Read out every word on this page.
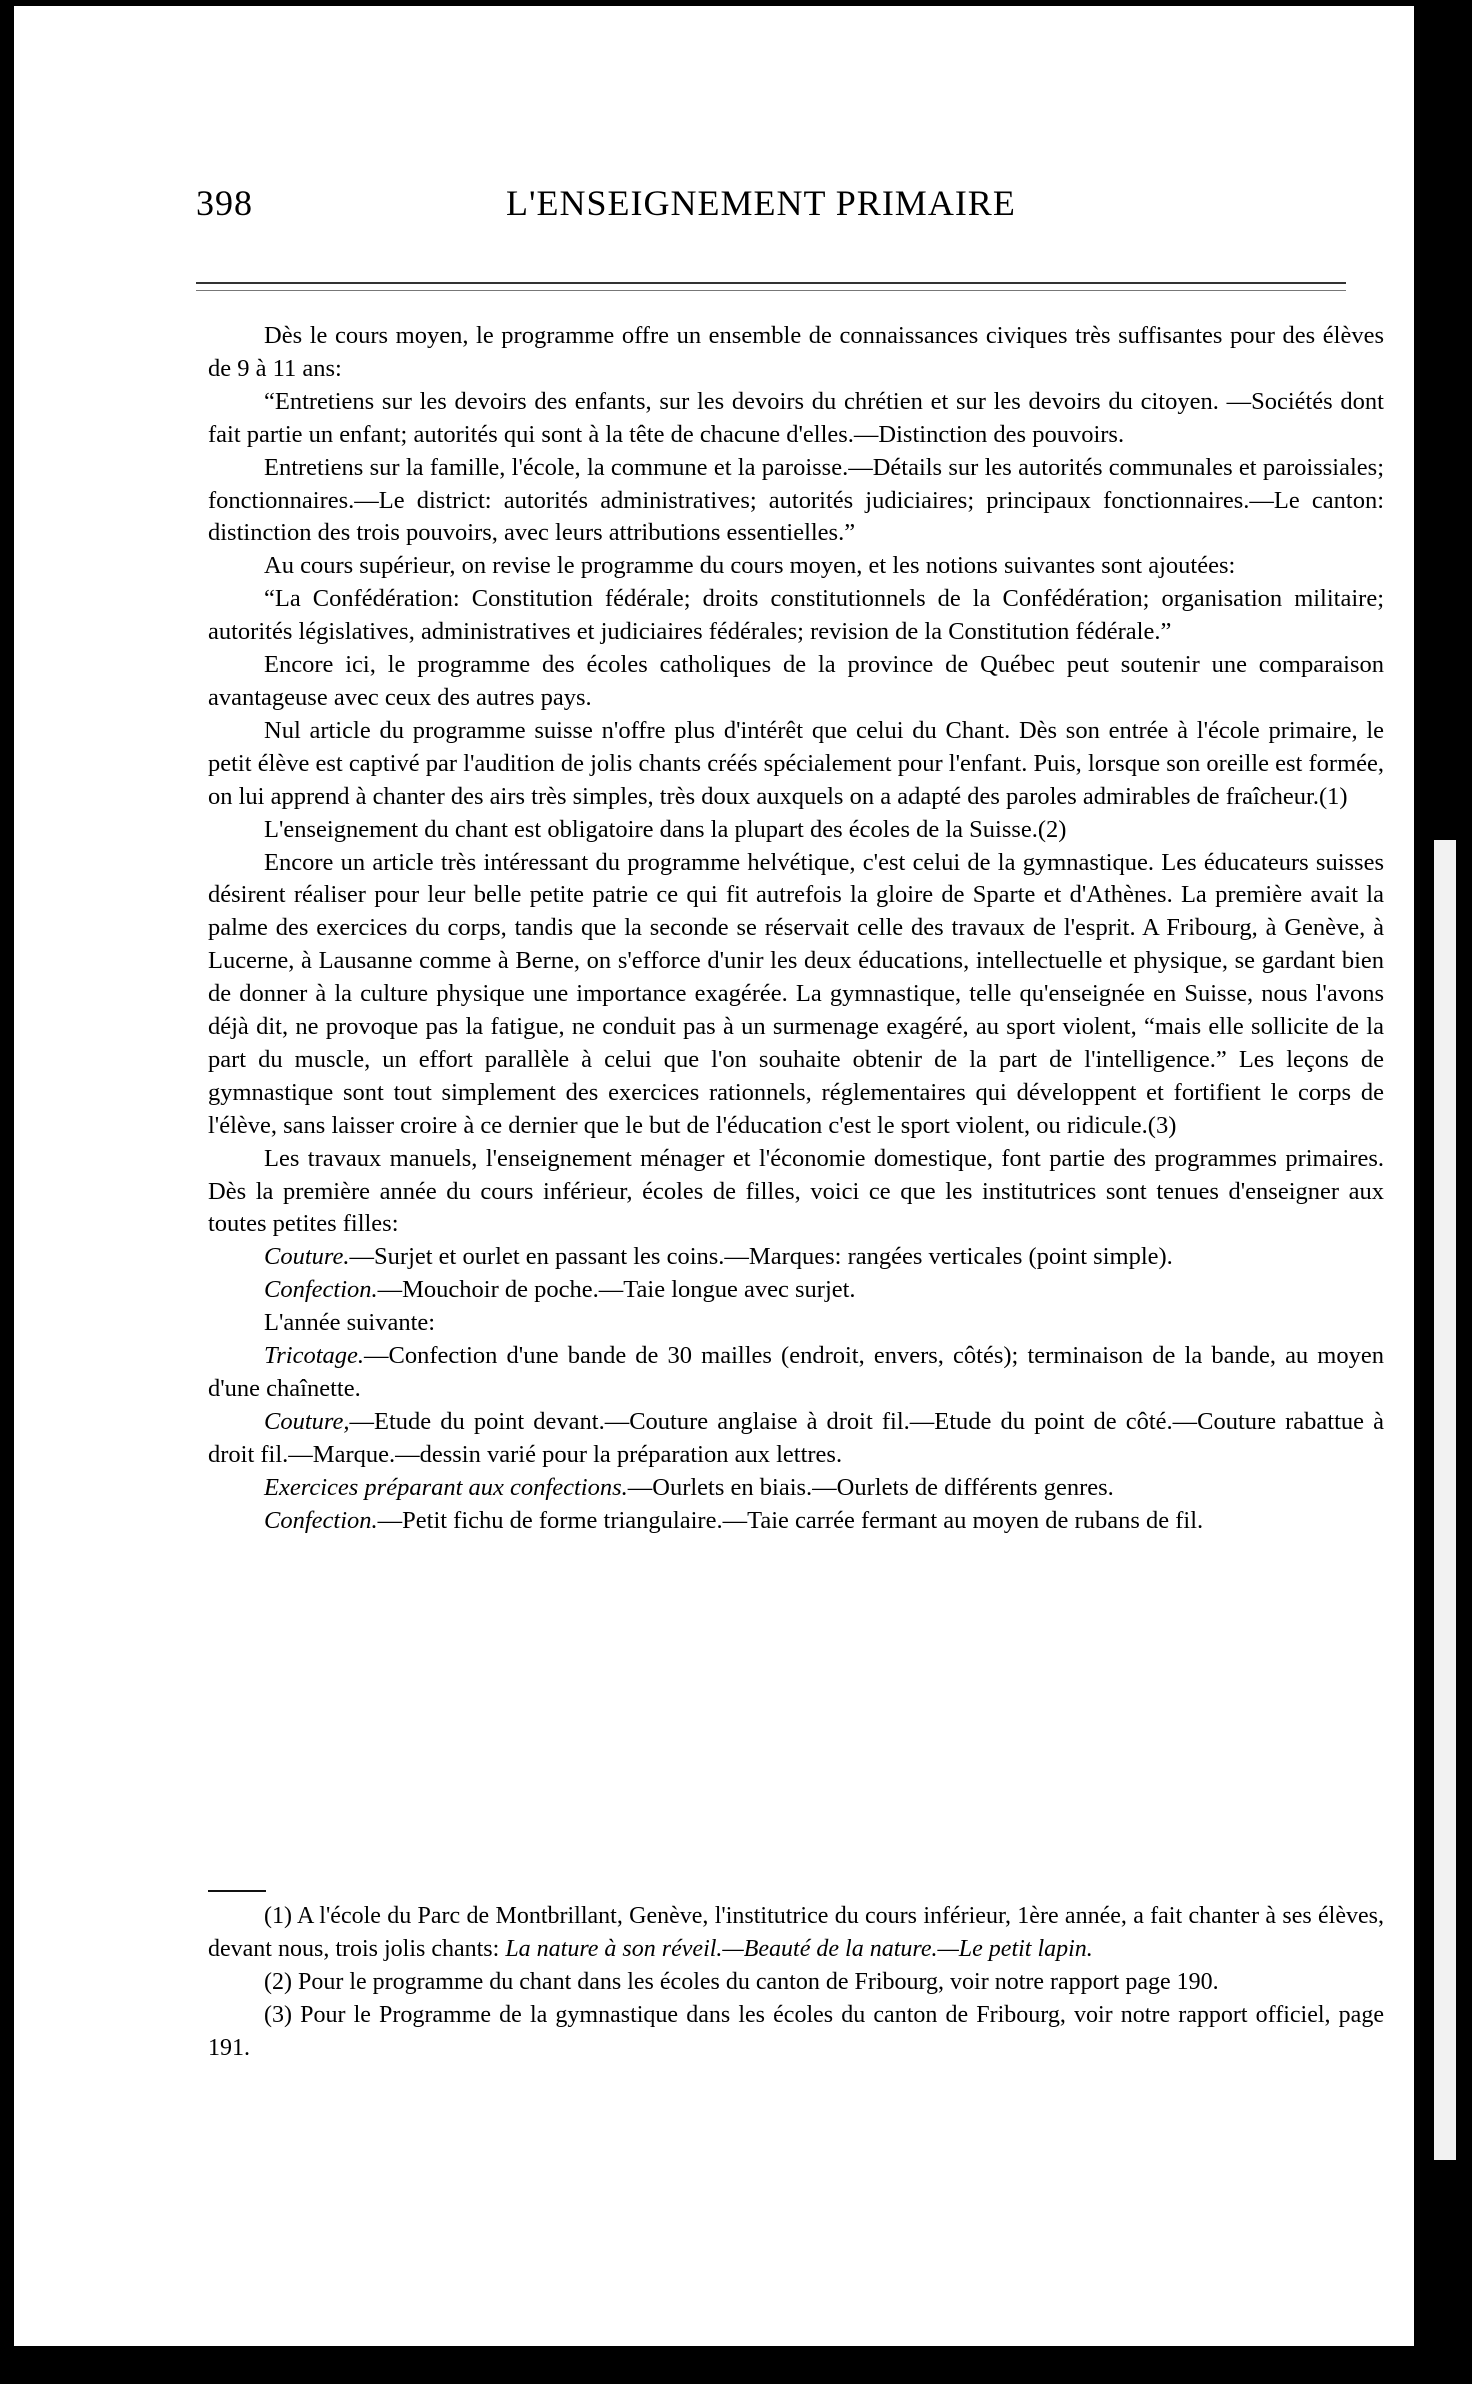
398	L'ENSEIGNEMENT PRIMAIRE

Dès le cours moyen, le programme offre un ensemble de connaissances civiques très suffisantes pour des élèves de 9 à 11 ans:

“Entretiens sur les devoirs des enfants, sur les devoirs du chrétien et sur les devoirs du citoyen. —Sociétés dont fait partie un enfant; autorités qui sont à la tête de chacune d'elles.—Distinction des pouvoirs.

Entretiens sur la famille, l'école, la commune et la paroisse.—Détails sur les autorités communales et paroissiales; fonctionnaires.—Le district: autorités administratives; autorités judiciaires; principaux fonctionnaires.—Le canton: distinction des trois pouvoirs, avec leurs attributions essentielles.”

Au cours supérieur, on revise le programme du cours moyen, et les notions suivantes sont ajoutées:

“La Confédération: Constitution fédérale; droits constitutionnels de la Confédération; organisation militaire; autorités législatives, administratives et judiciaires fédérales; revision de la Constitution fédérale.”

Encore ici, le programme des écoles catholiques de la province de Québec peut soutenir une comparaison avantageuse avec ceux des autres pays.

Nul article du programme suisse n'offre plus d'intérêt que celui du Chant. Dès son entrée à l'école primaire, le petit élève est captivé par l'audition de jolis chants créés spécialement pour l'enfant. Puis, lorsque son oreille est formée, on lui apprend à chanter des airs très simples, très doux auxquels on a adapté des paroles admirables de fraîcheur.(1)

L'enseignement du chant est obligatoire dans la plupart des écoles de la Suisse.(2)

Encore un article très intéressant du programme helvétique, c'est celui de la gymnastique. Les éducateurs suisses désirent réaliser pour leur belle petite patrie ce qui fit autrefois la gloire de Sparte et d'Athènes. La première avait la palme des exercices du corps, tandis que la seconde se réservait celle des travaux de l'esprit. A Fribourg, à Genève, à Lucerne, à Lausanne comme à Berne, on s'efforce d'unir les deux éducations, intellectuelle et physique, se gardant bien de donner à la culture physique une importance exagérée. La gymnastique, telle qu'enseignée en Suisse, nous l'avons déjà dit, ne provoque pas la fatigue, ne conduit pas à un surmenage exagéré, au sport violent, “mais elle sollicite de la part du muscle, un effort parallèle à celui que l'on souhaite obtenir de la part de l'intelligence.” Les leçons de gymnastique sont tout simplement des exercices rationnels, réglementaires qui développent et fortifient le corps de l'élève, sans laisser croire à ce dernier que le but de l'éducation c'est le sport violent, ou ridicule.(3)

Les travaux manuels, l'enseignement ménager et l'économie domestique, font partie des programmes primaires. Dès la première année du cours inférieur, écoles de filles, voici ce que les institutrices sont tenues d'enseigner aux toutes petites filles:

Couture.—Surjet et ourlet en passant les coins.—Marques: rangées verticales (point simple).

Confection.—Mouchoir de poche.—Taie longue avec surjet.

L'année suivante:

Tricotage.—Confection d'une bande de 30 mailles (endroit, envers, côtés); terminaison de la bande, au moyen d'une chaînette.

Couture,—Etude du point devant.—Couture anglaise à droit fil.—Etude du point de côté.—Couture rabattue à droit fil.—Marque.—dessin varié pour la préparation aux lettres.

Exercices préparant aux confections.—Ourlets en biais.—Ourlets de différents genres.

Confection.—Petit fichu de forme triangulaire.—Taie carrée fermant au moyen de rubans de fil.

(1) A l'école du Parc de Montbrillant, Genève, l'institutrice du cours inférieur, 1ère année, a fait chanter à ses élèves, devant nous, trois jolis chants: La nature à son réveil.—Beauté de la nature.—Le petit lapin.

(2) Pour le programme du chant dans les écoles du canton de Fribourg, voir notre rapport page 190.

(3) Pour le Programme de la gymnastique dans les écoles du canton de Fribourg, voir notre rapport officiel, page 191.
